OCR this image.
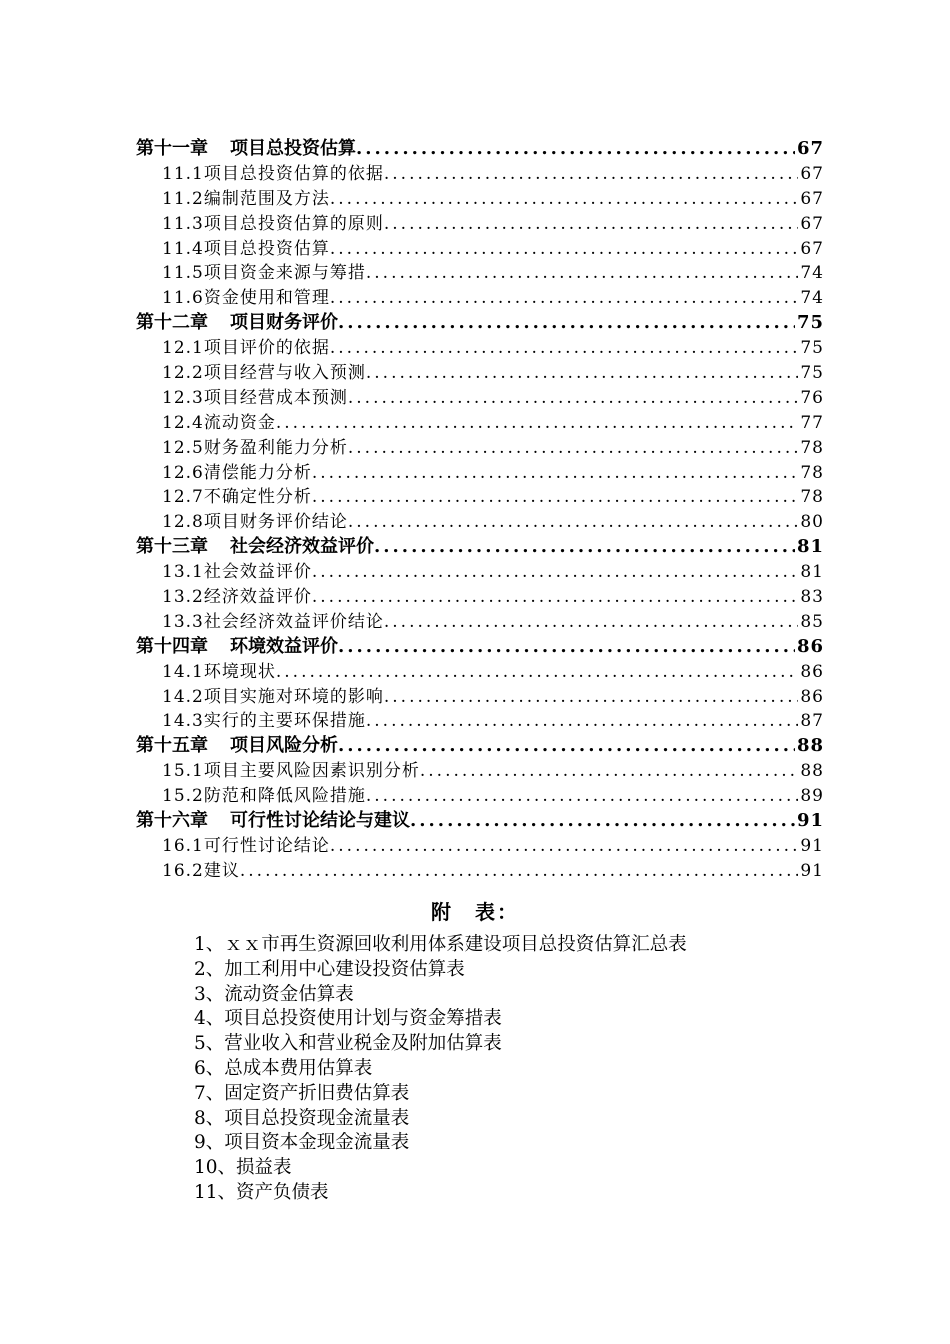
第十一章 项目总投资估算 .....	67
11.1项目总投资估算的依据 .....	67
11.2编制范围及方法 .....	67
11.3项目总投资估算的原则 .....	67
11.4项目总投资估算 .....	67
11.5项目资金来源与筹措 .....	74
11.6资金使用和管理 .....	74
第十二章 项目财务评价 .....	75
12.1项目评价的依据 .....	75
12.2项目经营与收入预测 .....	75
12.3项目经营成本预测 .....	76
12.4流动资金 .....	77
12.5财务盈利能力分析 .....	78
12.6清偿能力分析 .....	78
12.7不确定性分析 .....	78
12.8项目财务评价结论 .....	80
第十三章 社会经济效益评价 .....	81
13.1社会效益评价 .....	81
13.2经济效益评价 .....	83
13.3社会经济效益评价结论 .....	85
第十四章 环境效益评价 .....	86
14.1环境现状 .....	86
14.2项目实施对环境的影响 .....	86
14.3实行的主要环保措施 .....	87
第十五章 项目风险分析 .....	88
15.1项目主要风险因素识别分析 .....	88
15.2防范和降低风险措施 .....	89
第十六章 可行性讨论结论与建议 .....	91
16.1可行性讨论结论 .....	91
16.2建议 .....	91
附　表：
1、ｘｘ市再生资源回收利用体系建设项目总投资估算汇总表
2、加工利用中心建设投资估算表
3、流动资金估算表
4、项目总投资使用计划与资金筹措表
5、营业收入和营业税金及附加估算表
6、总成本费用估算表
7、固定资产折旧费估算表
8、项目总投资现金流量表
9、项目资本金现金流量表
10、损益表
11、资产负债表
